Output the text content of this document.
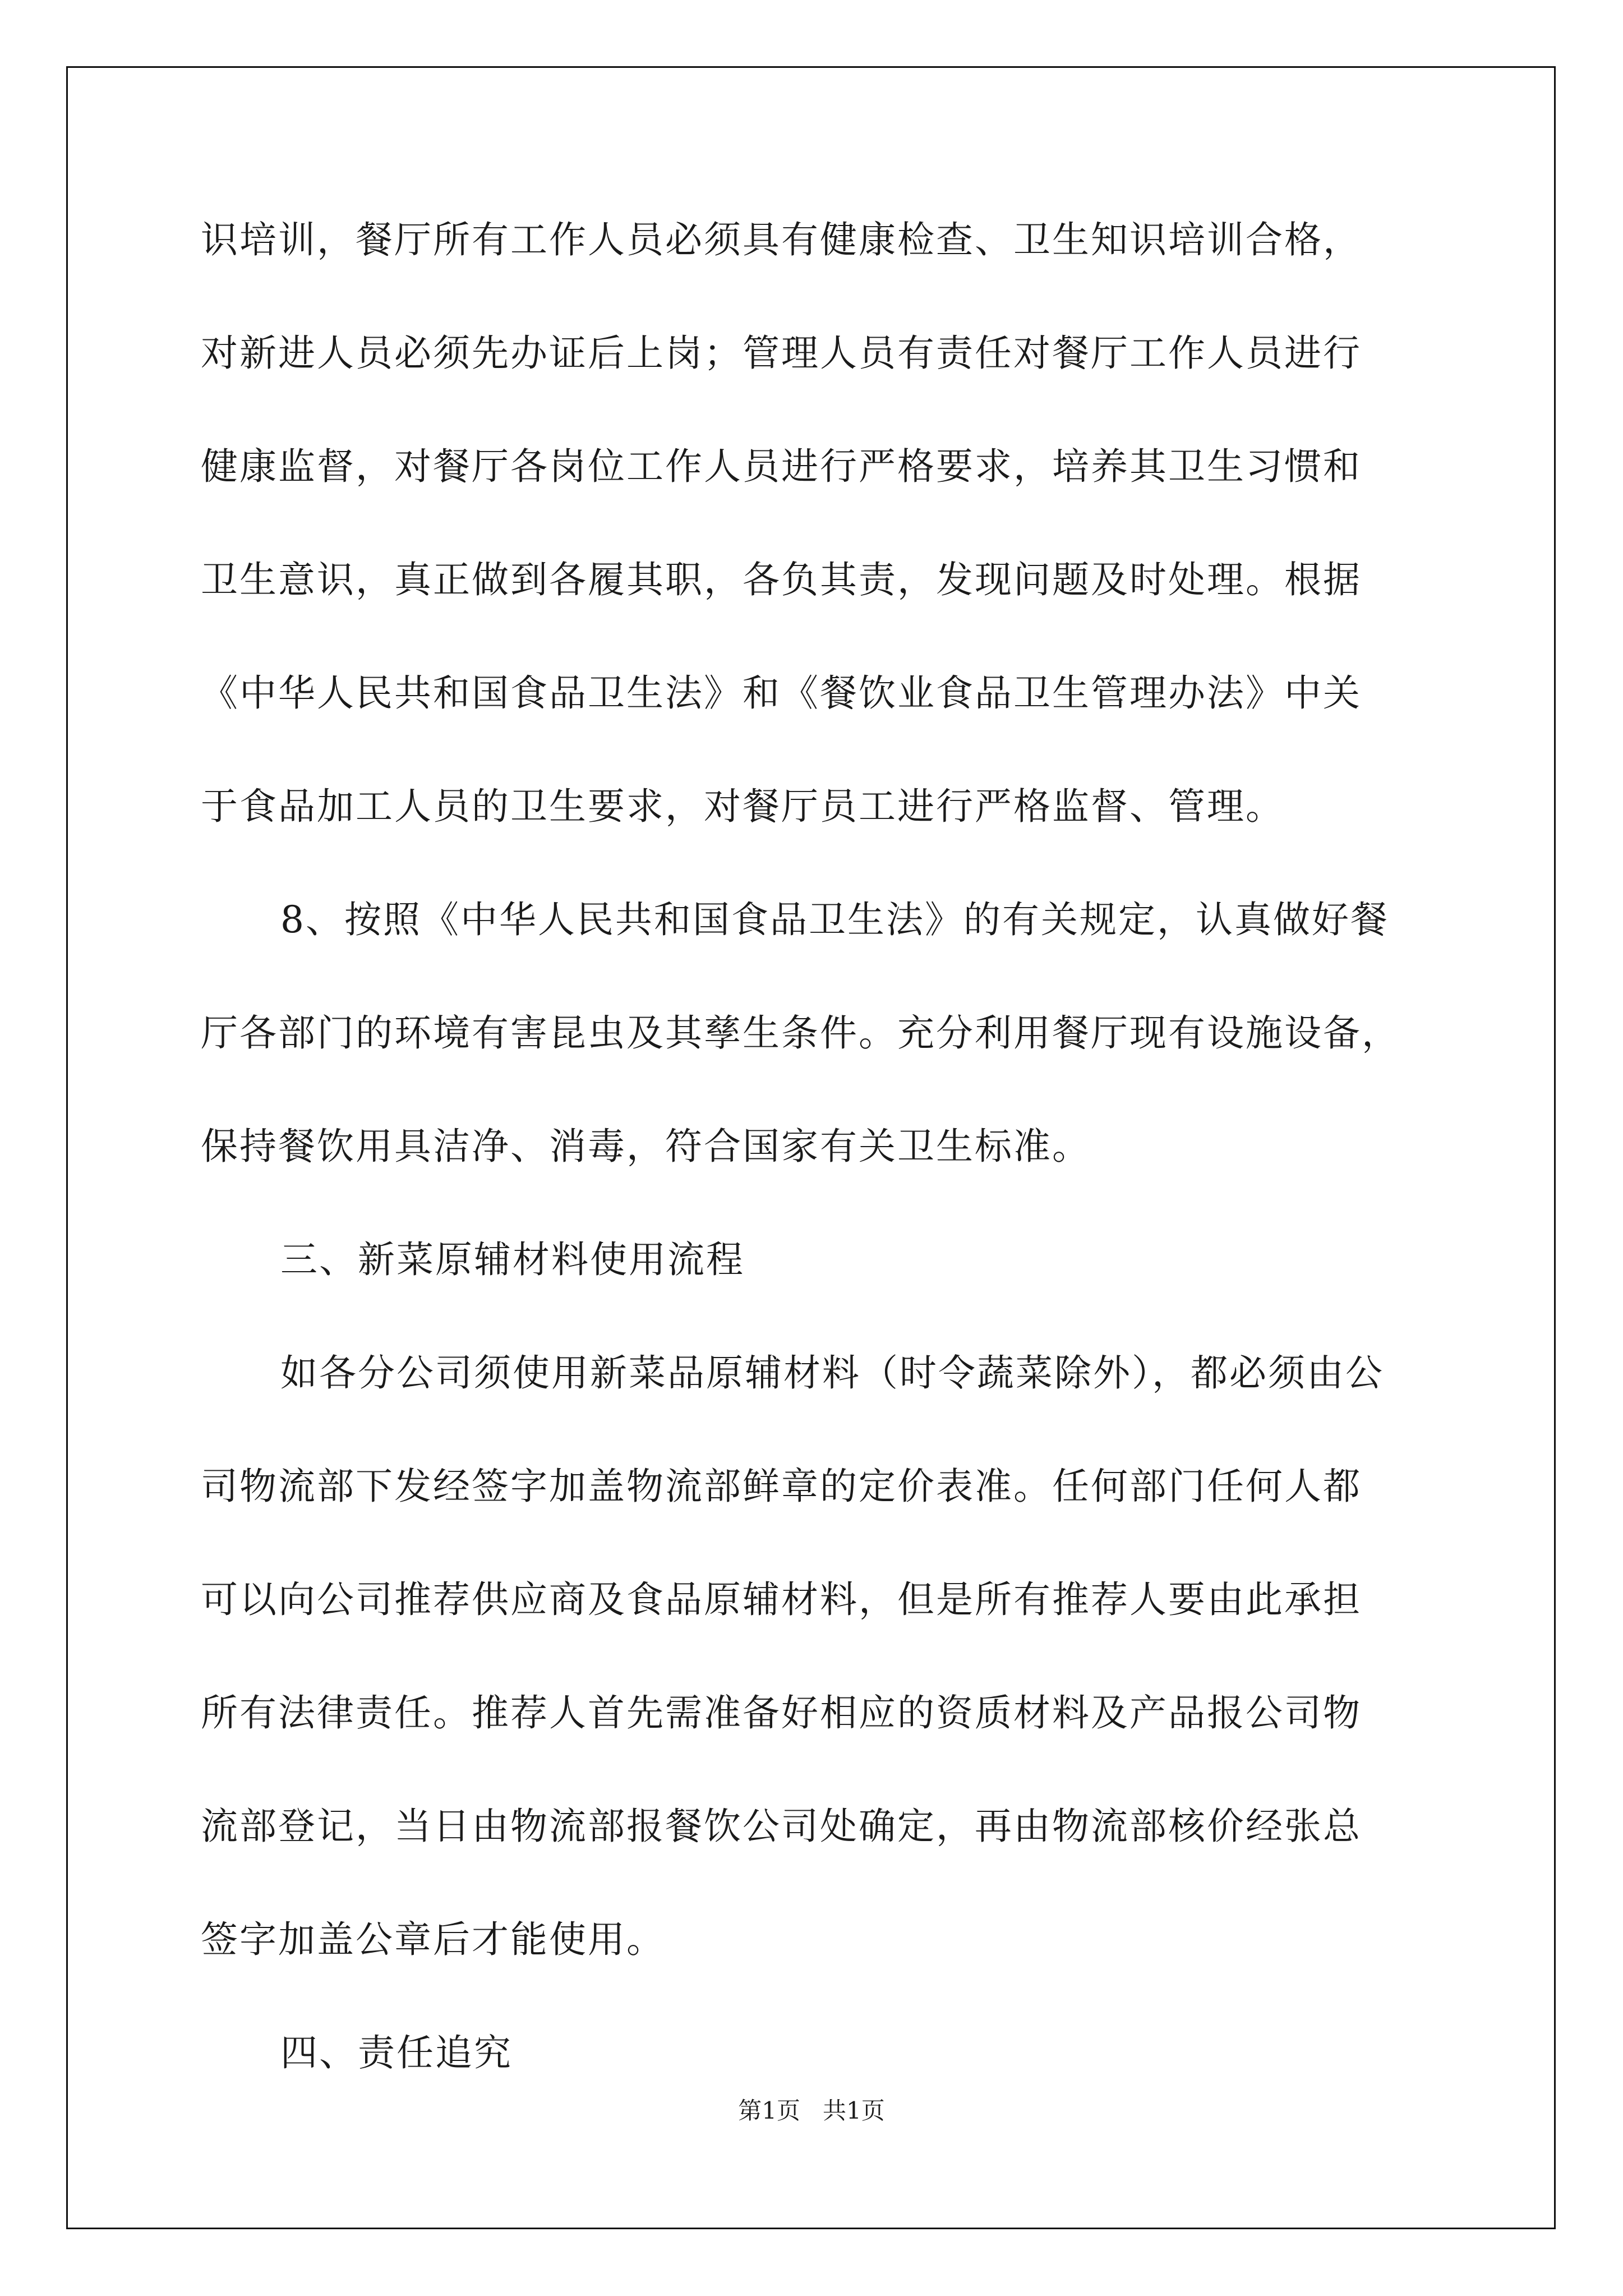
识培训，餐厅所有工作人员必须具有健康检查、卫生知识培训合格，
对新进人员必须先办证后上岗；管理人员有责任对餐厅工作人员进行
健康监督，对餐厅各岗位工作人员进行严格要求，培养其卫生习惯和
卫生意识，真正做到各履其职，各负其责，发现问题及时处理。根据
《中华人民共和国食品卫生法》和《餐饮业食品卫生管理办法》中关
于食品加工人员的卫生要求，对餐厅员工进行严格监督、管理。
8、按照《中华人民共和国食品卫生法》的有关规定，认真做好餐
厅各部门的环境有害昆虫及其孳生条件。充分利用餐厅现有设施设备，
保持餐饮用具洁净、消毒，符合国家有关卫生标准。
三、新菜原辅材料使用流程
如各分公司须使用新菜品原辅材料（时令蔬菜除外），都必须由公
司物流部下发经签字加盖物流部鲜章的定价表准。任何部门任何人都
可以向公司推荐供应商及食品原辅材料，但是所有推荐人要由此承担
所有法律责任。推荐人首先需准备好相应的资质材料及产品报公司物
流部登记，当日由物流部报餐饮公司处确定，再由物流部核价经张总
签字加盖公章后才能使用。
四、责任追究
第1页 共1页
